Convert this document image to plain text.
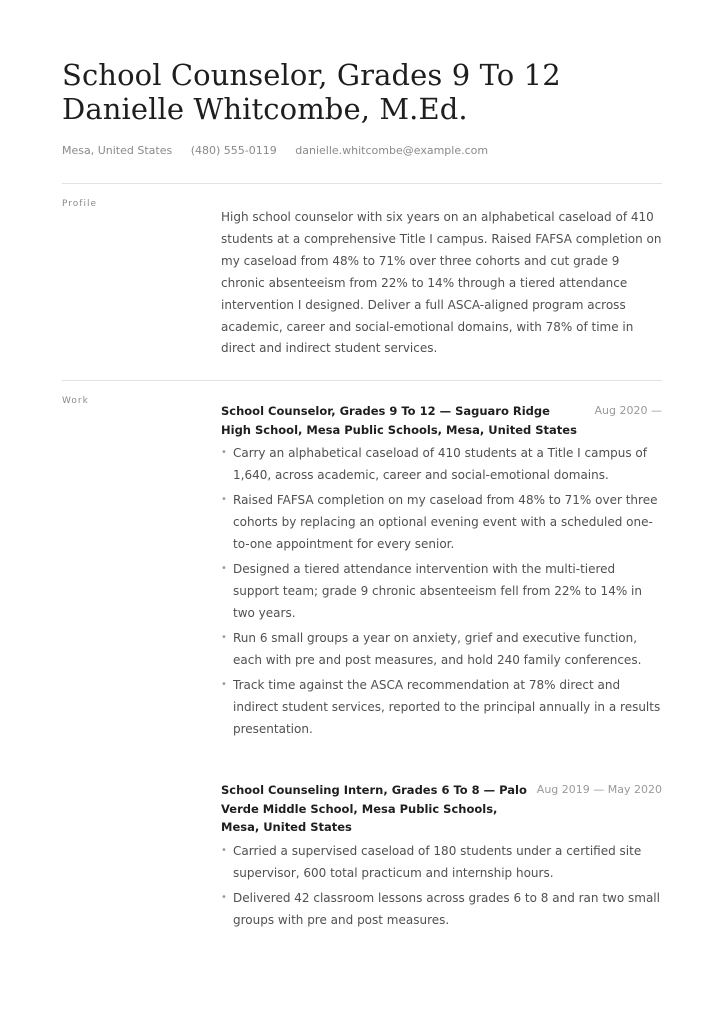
School Counselor, Grades 9 To 12
Danielle Whitcombe, M.Ed.
Mesa, United States (480) 555-0119 danielle.whitcombe@example.com
Profile

High school counselor with six years on an alphabetical caseload of 410 students at a comprehensive Title I campus. Raised FAFSA completion on my caseload from 48% to 71% over three cohorts and cut grade 9 chronic absenteeism from 22% to 14% through a tiered attendance intervention I designed. Deliver a full ASCA-aligned program across academic, career and social-emotional domains, with 78% of time in direct and indirect student services.

Work
School Counselor, Grades 9 To 12 — Saguaro Ridge High School, Mesa Public Schools, Mesa, United States
Aug 2020 —
• Carry an alphabetical caseload of 410 students at a Title I campus of 1,640, across academic, career and social-emotional domains.
• Raised FAFSA completion on my caseload from 48% to 71% over three cohorts by replacing an optional evening event with a scheduled one-to-one appointment for every senior.
• Designed a tiered attendance intervention with the multi-tiered support team; grade 9 chronic absenteeism fell from 22% to 14% in two years.
• Run 6 small groups a year on anxiety, grief and executive function, each with pre and post measures, and hold 240 family conferences.
• Track time against the ASCA recommendation at 78% direct and indirect student services, reported to the principal annually in a results presentation.
School Counseling Intern, Grades 6 To 8 — Palo Verde Middle School, Mesa Public Schools, Mesa, United States
Aug 2019 — May 2020
• Carried a supervised caseload of 180 students under a certified site supervisor, 600 total practicum and internship hours.
• Delivered 42 classroom lessons across grades 6 to 8 and ran two small groups with pre and post measures.
